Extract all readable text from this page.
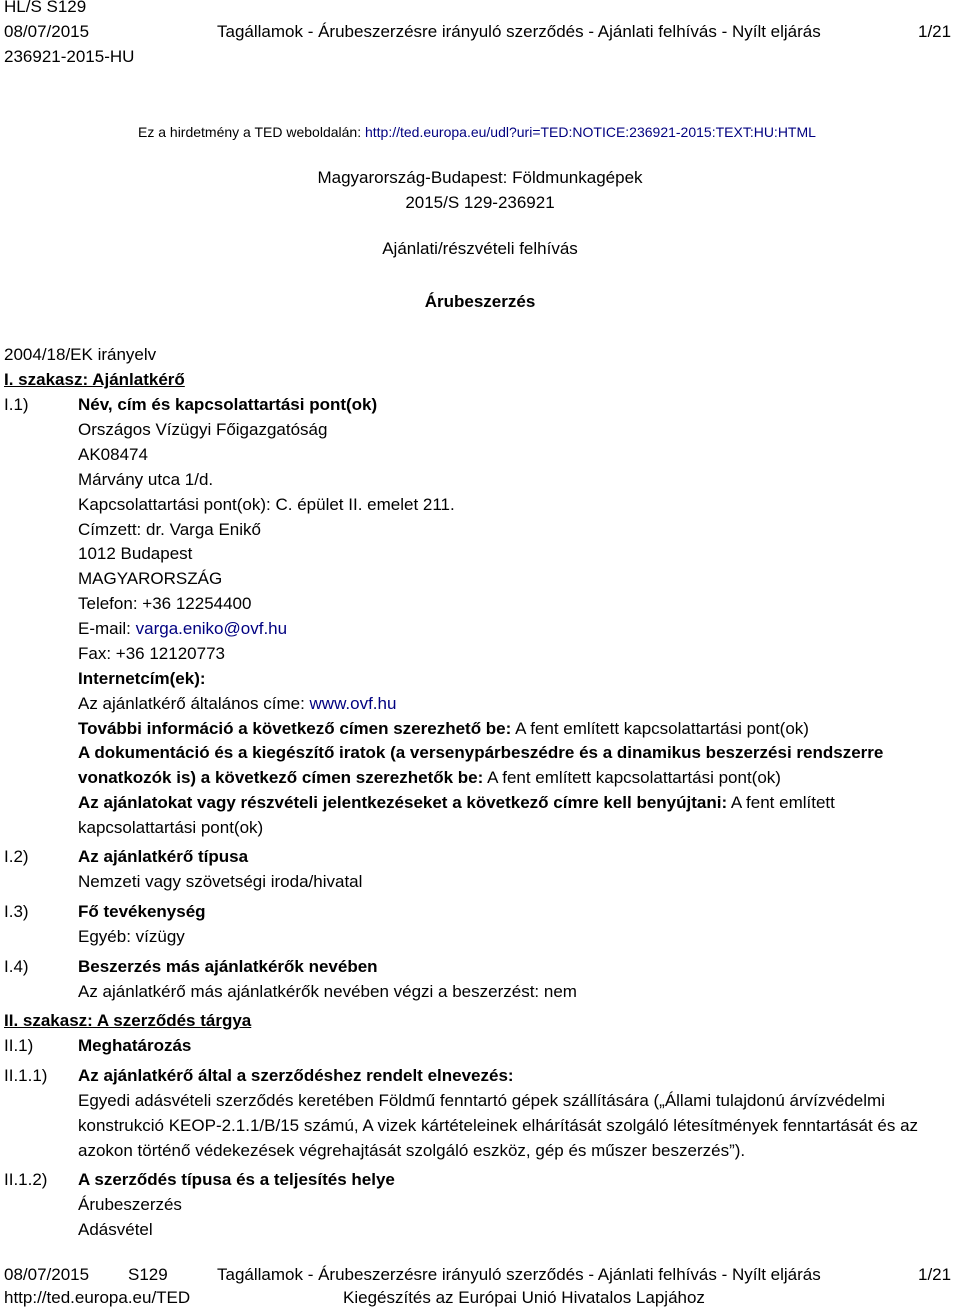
HL/S S129
08/07/2015
236921-2015-HU
Tagállamok - Árubeszerzésre irányuló szerződés - Ajánlati felhívás - Nyílt eljárás	1/21
Ez a hirdetmény a TED weboldalán: http://ted.europa.eu/udl?uri=TED:NOTICE:236921-2015:TEXT:HU:HTML
Magyarország-Budapest: Földmunkagépek
2015/S 129-236921
Ajánlati/részvételi felhívás
Árubeszerzés
2004/18/EK irányelv
I. szakasz: Ajánlatkérő
I.1)	Név, cím és kapcsolattartási pont(ok)
Országos Vízügyi Főigazgatóság
AK08474
Márvány utca 1/d.
Kapcsolattartási pont(ok): C. épület II. emelet 211.
Címzett: dr. Varga Enikő
1012 Budapest
MAGYARORSZÁG
Telefon: +36 12254400
E-mail: varga.eniko@ovf.hu
Fax: +36 12120773
Internetcím(ek):
Az ajánlatkérő általános címe: www.ovf.hu
További információ a következő címen szerezhető be: A fent említett kapcsolattartási pont(ok)
A dokumentáció és a kiegészítő iratok (a versenypárbeszédre és a dinamikus beszerzési rendszerre vonatkozók is) a következő címen szerezhetők be: A fent említett kapcsolattartási pont(ok)
Az ajánlatokat vagy részvételi jelentkezéseket a következő címre kell benyújtani: A fent említett kapcsolattartási pont(ok)
I.2)	Az ajánlatkérő típusa
Nemzeti vagy szövetségi iroda/hivatal
I.3)	Fő tevékenység
Egyéb: vízügy
I.4)	Beszerzés más ajánlatkérők nevében
Az ajánlatkérő más ajánlatkérők nevében végzi a beszerzést: nem
II. szakasz: A szerződés tárgya
II.1)	Meghatározás
II.1.1) Az ajánlatkérő által a szerződéshez rendelt elnevezés:
Egyedi adásvételi szerződés keretében Földmű fenntartó gépek szállítására („Állami tulajdonú árvízvédelmi konstrukció KEOP-2.1.1/B/15 számú, A vizek kártételeinek elhárítását szolgáló létesítmények fenntartását és az azokon történő védekezések végrehajtását szolgáló eszköz, gép és műszer beszerzés”).
II.1.2) A szerződés típusa és a teljesítés helye
Árubeszerzés
Adásvétel
08/07/2015 S129	Tagállamok - Árubeszerzésre irányuló szerződés - Ajánlati felhívás - Nyílt eljárás	1/21
http://ted.europa.eu/TED	Kiegészítés az Európai Unió Hivatalos Lapjához
